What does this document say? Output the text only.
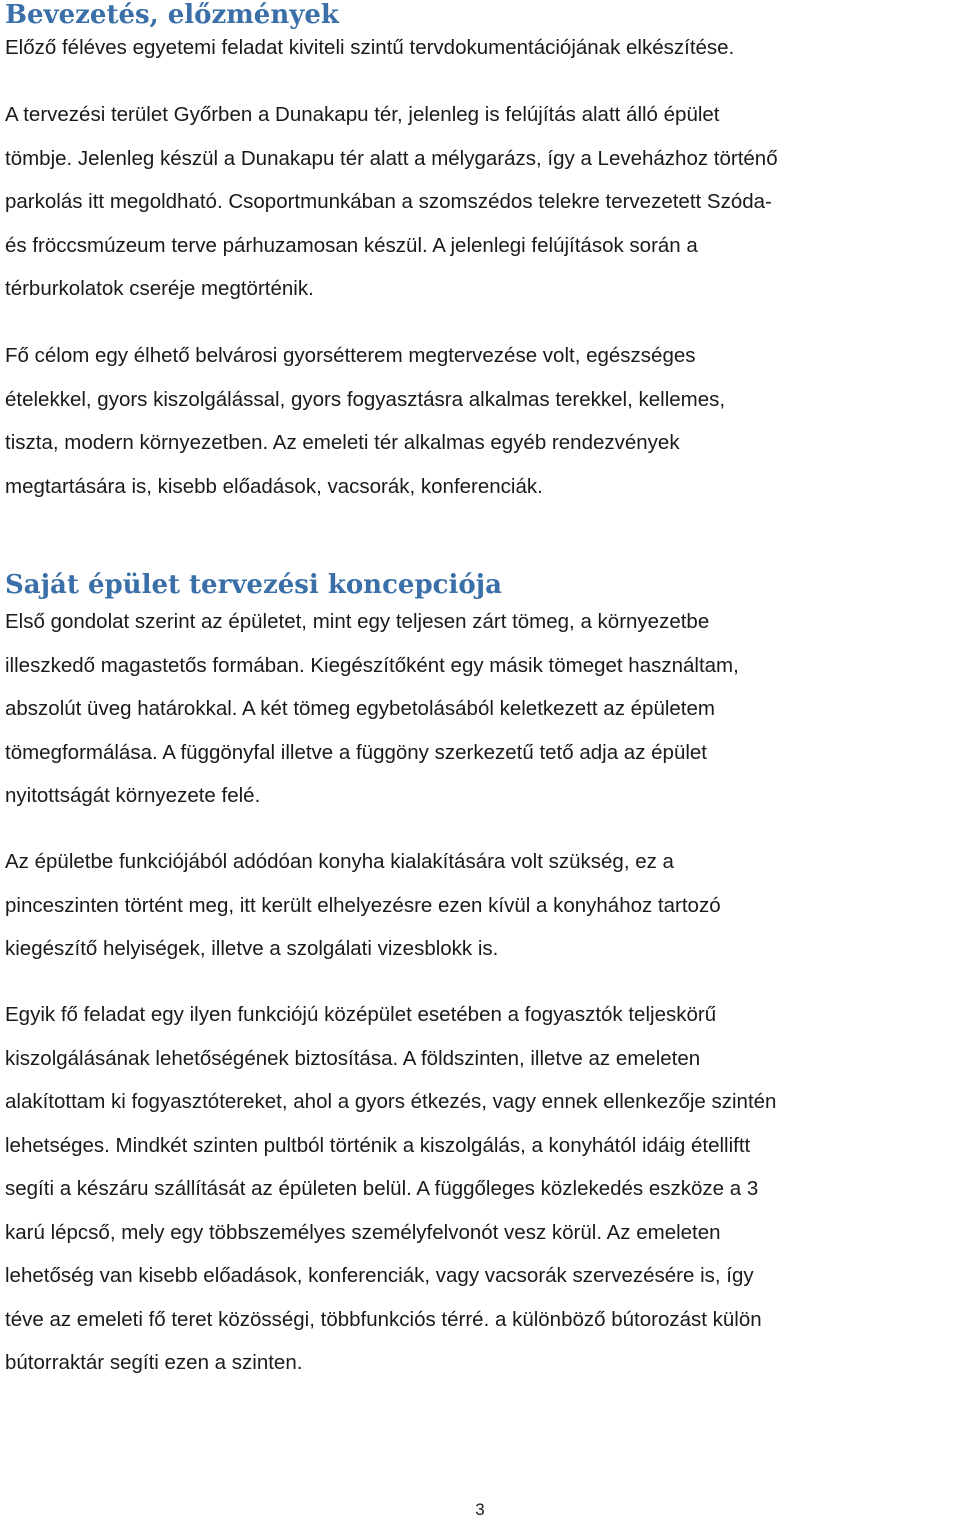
Bevezetés, előzmények

Előző féléves egyetemi feladat kiviteli szintű tervdokumentációjának elkészítése.

A tervezési terület Győrben a Dunakapu tér, jelenleg is felújítás alatt álló épület
tömbje. Jelenleg készül a Dunakapu tér alatt a mélygarázs, így a Leveházhoz történő
parkolás itt megoldható. Csoportmunkában a szomszédos telekre tervezetett Szóda-
és fröccsmúzeum terve párhuzamosan készül. A jelenlegi felújítások során a
térburkolatok cseréje megtörténik.

Fő célom egy élhető belvárosi gyorsétterem megtervezése volt, egészséges
ételekkel, gyors kiszolgálással, gyors fogyasztásra alkalmas terekkel, kellemes,
tiszta, modern környezetben. Az emeleti tér alkalmas egyéb rendezvények
megtartására is, kisebb előadások, vacsorák, konferenciák.

Saját épület tervezési koncepciója

Első gondolat szerint az épületet, mint egy teljesen zárt tömeg, a környezetbe
illeszkedő magastetős formában. Kiegészítőként egy másik tömeget használtam,
abszolút üveg határokkal. A két tömeg egybetolásából keletkezett az épületem
tömegformálása. A függönyfal illetve a függöny szerkezetű tető adja az épület
nyitottságát környezete felé.

Az épületbe funkciójából adódóan konyha kialakítására volt szükség, ez a
pinceszinten történt meg, itt került elhelyezésre ezen kívül a konyhához tartozó
kiegészítő helyiségek, illetve a szolgálati vizesblokk is.

Egyik fő feladat egy ilyen funkciójú középület esetében a fogyasztók teljeskörű
kiszolgálásának lehetőségének biztosítása. A földszinten, illetve az emeleten
alakítottam ki fogyasztótereket, ahol a gyors étkezés, vagy ennek ellenkezője szintén
lehetséges. Mindkét szinten pultból történik a kiszolgálás, a konyhától idáig ételliftt
segíti a készáru szállítását az épületen belül. A függőleges közlekedés eszköze a 3
karú lépcső, mely egy többszemélyes személyfelvonót vesz körül. Az emeleten
lehetőség van kisebb előadások, konferenciák, vagy vacsorák szervezésére is, így
téve az emeleti fő teret közösségi, többfunkciós térré. a különböző bútorozást külön
bútorraktár segíti ezen a szinten.

3
